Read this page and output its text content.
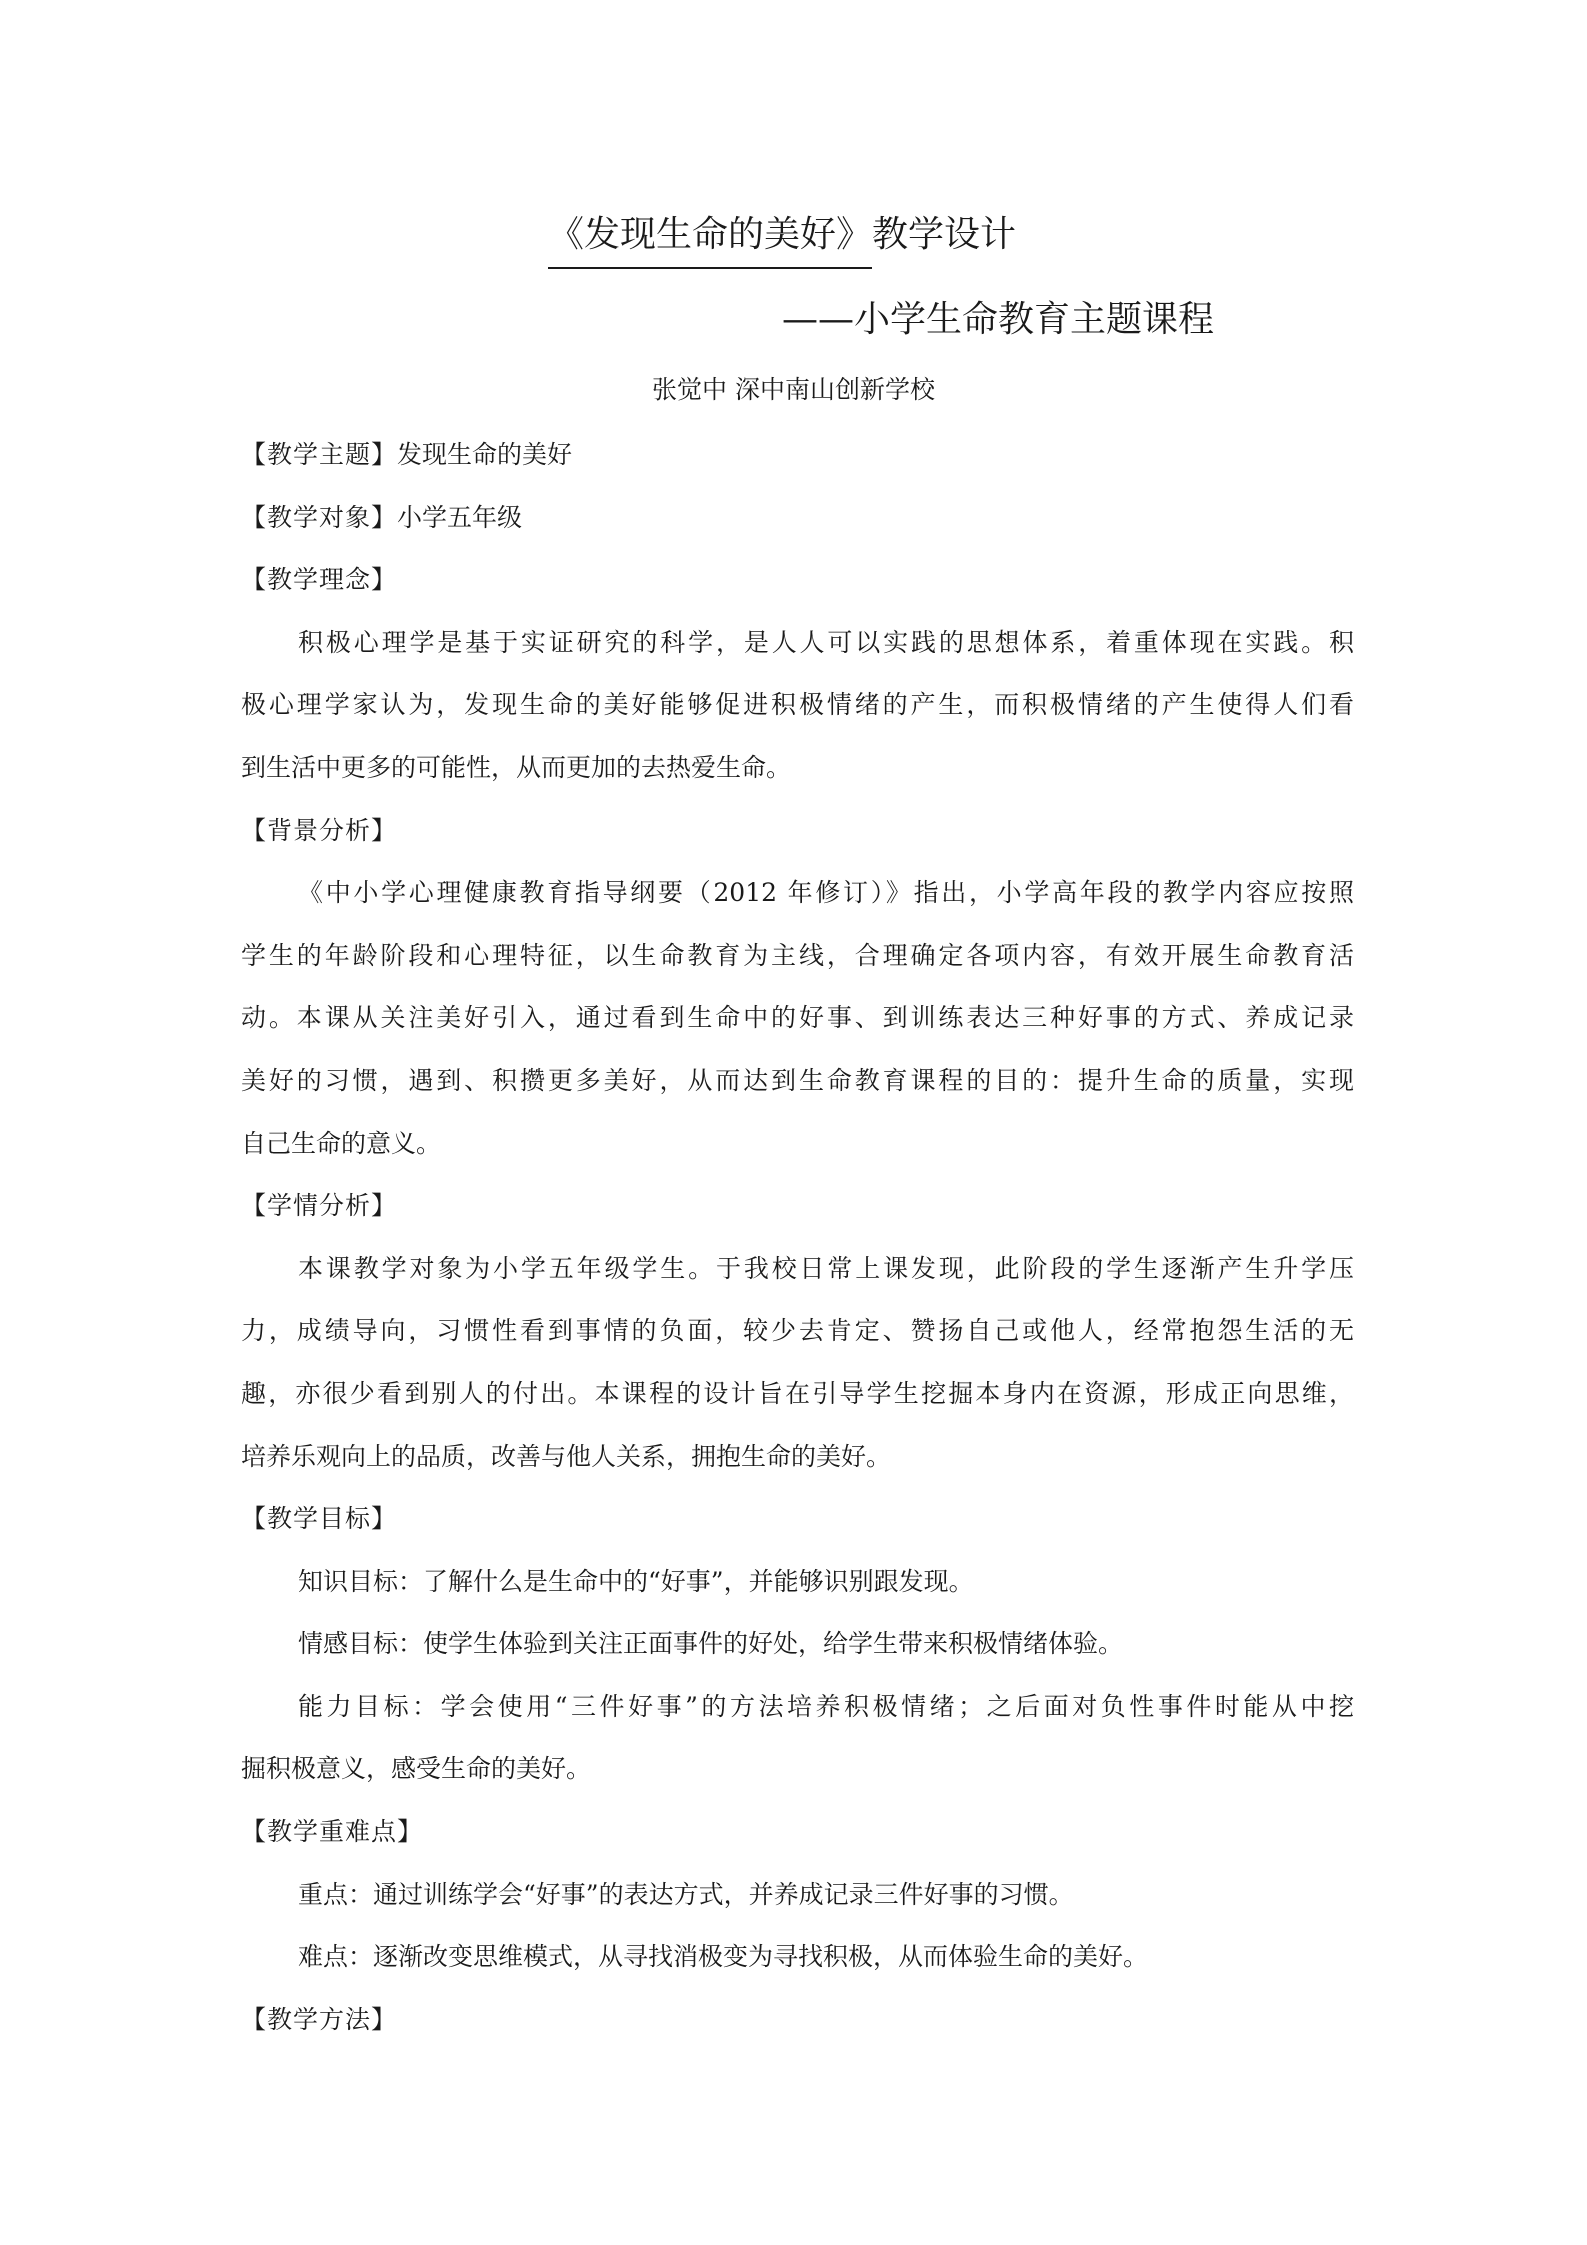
《发现生命的美好》教学设计
——小学生命教育主题课程
张觉中 深中南山创新学校
【教学主题】发现生命的美好
【教学对象】小学五年级
【教学理念】
积极心理学是基于实证研究的科学，是人人可以实践的思想体系，着重体现在实践。积
极心理学家认为，发现生命的美好能够促进积极情绪的产生，而积极情绪的产生使得人们看
到生活中更多的可能性，从而更加的去热爱生命。
【背景分析】
《中小学心理健康教育指导纲要（2012 年修订）》指出，小学高年段的教学内容应按照
学生的年龄阶段和心理特征，以生命教育为主线，合理确定各项内容，有效开展生命教育活
动。本课从关注美好引入，通过看到生命中的好事、到训练表达三种好事的方式、养成记录
美好的习惯，遇到、积攒更多美好，从而达到生命教育课程的目的：提升生命的质量，实现
自己生命的意义。
【学情分析】
本课教学对象为小学五年级学生。于我校日常上课发现，此阶段的学生逐渐产生升学压
力，成绩导向，习惯性看到事情的负面，较少去肯定、赞扬自己或他人，经常抱怨生活的无
趣，亦很少看到别人的付出。本课程的设计旨在引导学生挖掘本身内在资源，形成正向思维，
培养乐观向上的品质，改善与他人关系，拥抱生命的美好。
【教学目标】
知识目标：了解什么是生命中的“好事”，并能够识别跟发现。
情感目标：使学生体验到关注正面事件的好处，给学生带来积极情绪体验。
能力目标：学会使用“三件好事”的方法培养积极情绪；之后面对负性事件时能从中挖
掘积极意义，感受生命的美好。
【教学重难点】
重点：通过训练学会“好事”的表达方式，并养成记录三件好事的习惯。
难点：逐渐改变思维模式，从寻找消极变为寻找积极，从而体验生命的美好。
【教学方法】
